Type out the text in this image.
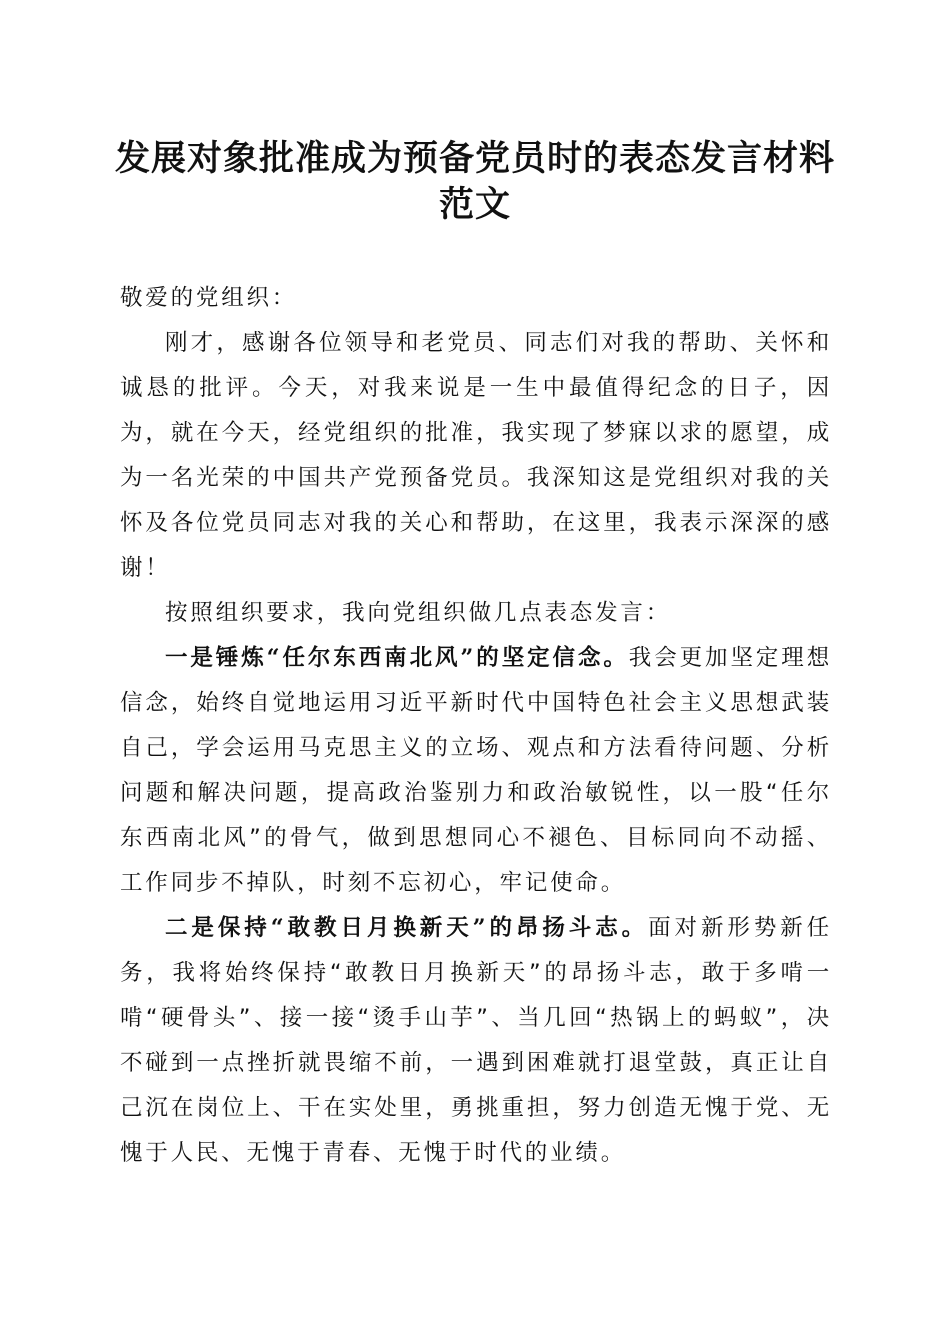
发展对象批准成为预备党员时的表态发言材料范文

敬爱的党组织：

刚才，感谢各位领导和老党员、同志们对我的帮助、关怀和诚恳的批评。今天，对我来说是一生中最值得纪念的日子，因为，就在今天，经党组织的批准，我实现了梦寐以求的愿望，成为一名光荣的中国共产党预备党员。我深知这是党组织对我的关怀及各位党员同志对我的关心和帮助，在这里，我表示深深的感谢！

按照组织要求，我向党组织做几点表态发言：

一是锤炼“任尔东西南北风”的坚定信念。我会更加坚定理想信念，始终自觉地运用习近平新时代中国特色社会主义思想武装自己，学会运用马克思主义的立场、观点和方法看待问题、分析问题和解决问题，提高政治鉴别力和政治敏锐性，以一股“任尔东西南北风”的骨气，做到思想同心不褪色、目标同向不动摇、工作同步不掉队，时刻不忘初心，牢记使命。

二是保持“敢教日月换新天”的昂扬斗志。面对新形势新任务，我将始终保持“敢教日月换新天”的昂扬斗志，敢于多啃一啃“硬骨头”、接一接“烫手山芋”、当几回“热锅上的蚂蚁”，决不碰到一点挫折就畏缩不前，一遇到困难就打退堂鼓，真正让自己沉在岗位上、干在实处里，勇挑重担，努力创造无愧于党、无愧于人民、无愧于青春、无愧于时代的业绩。
